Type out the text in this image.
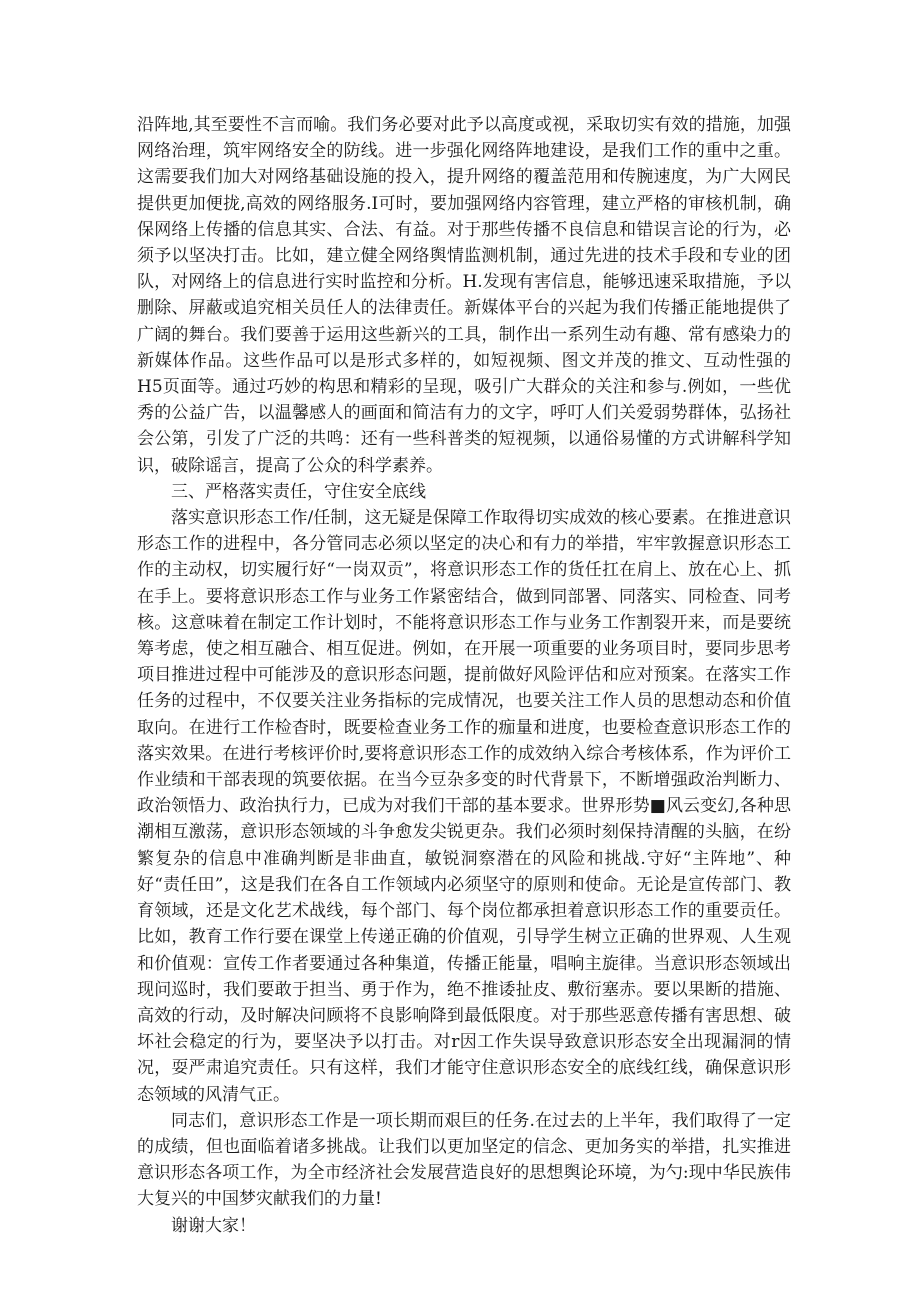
沿阵地,其至要性不言而喻。我们务必要对此予以高度或视，采取切实有效的措施，加强网络治理，筑牢网络安全的防线。进一步强化网络阵地建设，是我们工作的重中之重。这需要我们加大对网络基础设施的投入，提升网络的覆盖范用和传腕速度，为广大网民提供更加便拢,高效的网络服务.I可时，要加强网络内容管理，建立严格的审核机制，确保网络上传播的信息其实、合法、有益。对于那些传播不良信息和错误言论的行为，必须予以坚决打击。比如，建立健全网络舆情监测机制，通过先进的技术手段和专业的团队，对网络上的信息进行实时监控和分析。H.发现有害信息，能够迅速采取措施，予以删除、屏蔽或追究相关员任人的法律责任。新媒体平台的兴起为我们传播正能地提供了广阔的舞台。我们要善于运用这些新兴的工具，制作出一系列生动有趣、常有感染力的新媒体作品。这些作品可以是形式多样的，如短视频、图文并茂的推文、互动性强的H5页面等。通过巧妙的构思和精彩的呈现，吸引广大群众的关注和参与.例如，一些优秀的公益广告，以温馨感人的画面和简洁有力的文字，呼叮人们关爱弱势群体，弘扬社会公第，引发了广泛的共鸣：还有一些科普类的短视频，以通俗易懂的方式讲解科学知识，破除谣言，提高了公众的科学素养。

三、严格落实责任，守住安全底线

落实意识形态工作/任制，这无疑是保障工作取得切实成效的核心要素。在推进意识形态工作的进程中，各分管同志必须以坚定的决心和有力的举措，牢牢敦握意识形态工作的主动权，切实履行好“一岗双贡”，将意识形态工作的货任扛在肩上、放在心上、抓在手上。要将意识形态工作与业务工作紧密结合，做到同部署、同落实、同检查、同考核。这意味着在制定工作计划时，不能将意识形态工作与业务工作割裂开来，而是要统筹考虑，使之相互融合、相互促进。例如，在开展一项重要的业务项目时，要同步思考项目推进过程中可能涉及的意识形态问题，提前做好风险评估和应对预案。在落实工作任务的过程中，不仅要关注业务指标的完成情况，也要关注工作人员的思想动态和价值取向。在进行工作检杳时，既要检查业务工作的痂量和进度，也要检查意识形态工作的落实效果。在进行考核评价时,要将意识形态工作的成效纳入综合考核体系，作为评价工作业绩和干部表现的筑要依据。在当今豆杂多变的时代背景下，不断增强政治判断力、政治领悟力、政治执行力，已成为对我们干部的基本要求。世界形势■风云变幻,各种思潮相互激荡，意识形态领域的斗争愈发尖锐更杂。我们必须时刻保持清醒的头脑，在纷繁复杂的信息中准确判断是非曲直，敏锐洞察潜在的风险和挑战.守好“主阵地”、种好“责任田”，这是我们在各自工作领域内必须坚守的原则和使命。无论是宣传部门、教育领域，还是文化艺术战线，每个部门、每个岗位都承担着意识形态工作的重要贡任。比如，教育工作行要在课堂上传递正确的价值观，引导学生树立正确的世界观、人生观和价值观：宣传工作者要通过各种集道，传播正能量，唱响主旋律。当意识形态领域出现问巡时，我们要敢于担当、勇于作为，绝不推诿扯皮、敷衍塞赤。要以果断的措施、高效的行动，及时解决问顾将不良影响降到最低限度。对于那些恶意传播有害思想、破坏社会稳定的行为，要坚决予以打击。对r因工作失误导致意识形态安全出现漏洞的情况，耍严肃追究责任。只有这样，我们才能守住意识形态安全的底线红线，确保意识形态领域的风清气正。

同志们，意识形态工作是一项长期而艰巨的任务.在过去的上半年，我们取得了一定的成绩，但也面临着诸多挑战。让我们以更加坚定的信念、更加务实的举措，扎实推进意识形态各项工作，为全市经济社会发展营造良好的思想舆论环境，为勺:现中华民族伟大复兴的中国梦灾献我们的力量!

谢谢大家！
